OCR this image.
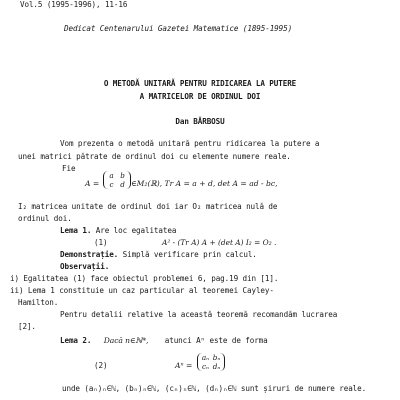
Vol.5 (1995-1996), 11-16
Dedicat Centenarului Gazetei Matematice (1895-1995)
O METODĂ UNITARĂ PENTRU RIDICAREA LA PUTERE
A MATRICELOR DE ORDINUL DOI
Dan BĂRBOSU
Vom prezenta o metodă unitară pentru ridicarea la putere a
unei matrici pătrate de ordinul doi cu elemente numere reale.
Fie
A =
a b
c d ∈M₂(ℝ), Tr A = a + d, det A = ad - bc,
I₂ matricea unitate de ordinul doi iar O₂ matricea nulă de
ordinul doi.
Lema 1. Are loc egalitatea
(1)	A² - (Tr A) A + (det A) I₂ = O₂ .
Demonstrație. Simplă verificare prin calcul.
Observații.
i) Egalitatea (1) face obiectul problemei 6, pag.19 din [1].
ii) Lema 1 constituie un caz particular al teoremei Cayley-
Hamilton.
Pentru detalii relative la această teoremă recomandăm lucrarea
[2].
Lema 2. Dacă n∈ℕ*, atunci Aⁿ este de forma
(2)	Aⁿ =
aₙ bₙ
cₙ dₙ
unde (aₙ)ₙ∈ℕ, (bₙ)ₙ∈ℕ, (cₙ)ₙ∈ℕ, (dₙ)ₙ∈ℕ sunt șiruri de numere reale.
